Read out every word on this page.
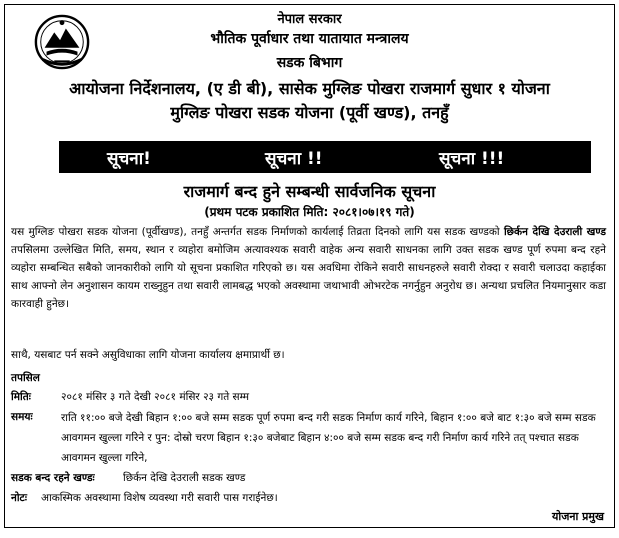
नेपाल सरकार
भौतिक पूर्वाधार तथा यातायात मन्त्रालय
सडक बिभाग
आयोजना निर्देशनालय, (ए डी बी), सासेक मुग्लिङ पोखरा राजमार्ग सुधार १ योजना
मुग्लिङ पोखरा सडक योजना (पूर्वी खण्ड), तनहुँ
सूचना!	सूचना !!	सूचना !!!
राजमार्ग बन्द हुने सम्बन्धी सार्वजनिक सूचना
(प्रथम पटक प्रकाशित मिति: २०८१।०७।१९ गते)

यस मुग्लिङ पोखरा सडक योजना (पूर्वीखण्ड), तनहुँ अन्तर्गत सडक निर्माणको कार्यलाई तिव्रता दिनको लागि यस सडक खण्डको छिर्कन देखि देउराली खण्ड तपसिलमा उल्लेखित मिति, समय, स्थान र व्यहोरा बमोजिम अत्यावश्यक सवारी वाहेक अन्य सवारी साधनका लागि उक्त सडक खण्ड पूर्ण रुपमा बन्द रहने व्यहोरा सम्बन्धित सबैको जानकारीको लागि यो सूचना प्रकाशित गरिएको छ। यस अवधिमा रोकिने सवारी साधनहरुले सवारी रोक्दा र सवारी चलाउदा कहाईका साथ आफ्नो लेन अनुशासन कायम राख्नुहुन तथा सवारी लामबद्ध भएको अवस्थामा जथाभावी ओभरटेक नगर्नुहुन अनुरोध छ। अन्यथा प्रचलित नियमानुसार कडा कारवाही हुनेछ।

साथै, यसबाट पर्न सक्ने असुविधाका लागि योजना कार्यालय क्षमाप्रार्थी छ।
तपसिल
मितिः	२०८१ मंसिर ३ गते देखी २०८१ मंसिर २३ गते सम्म
समयः	राति ११:०० बजे देखी बिहान १:०० बजे सम्म सडक पूर्ण रुपमा बन्द गरी सडक निर्माण कार्य गरिने, बिहान १:०० बजे बाट १:३० बजे सम्म सडक आवगमन खुल्ला गरिने र पुन: दोस्रो चरण बिहान १:३० बजेबाट बिहान ४:०० बजे सम्म सडक बन्द गरी निर्माण कार्य गरिने तत् पश्चात सडक आवगमन खुल्ला गरिने,
सडक बन्द रहने खण्डः	छिर्कन देखि देउराली सडक खण्ड
नोटः आकस्मिक अवस्थामा विशेष व्यवस्था गरी सवारी पास गराईनेछ।
योजना प्रमुख
